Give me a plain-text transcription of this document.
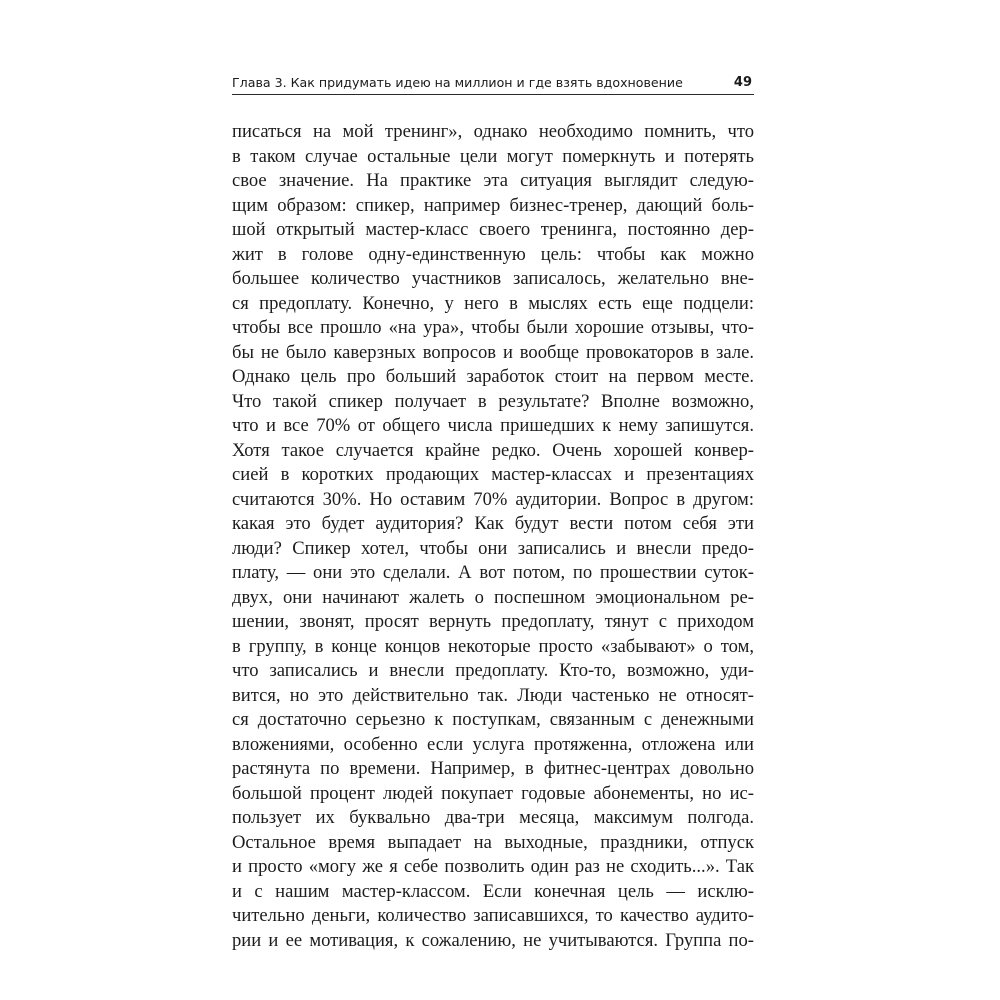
Глава 3. Как придумать идею на миллион и где взять вдохновение	49
писаться на мой тренинг», однако необходимо помнить, что
в таком случае остальные цели могут померкнуть и потерять
свое значение. На практике эта ситуация выглядит следую-
щим образом: спикер, например бизнес-тренер, дающий боль-
шой открытый мастер-класс своего тренинга, постоянно дер-
жит в голове одну-единственную цель: чтобы как можно
большее количество участников записалось, желательно вне-
ся предоплату. Конечно, у него в мыслях есть еще подцели:
чтобы все прошло «на ура», чтобы были хорошие отзывы, что-
бы не было каверзных вопросов и вообще провокаторов в зале.
Однако цель про больший заработок стоит на первом месте.
Что такой спикер получает в результате? Вполне возможно,
что и все 70% от общего числа пришедших к нему запишутся.
Хотя такое случается крайне редко. Очень хорошей конвер-
сией в коротких продающих мастер-классах и презентациях
считаются 30%. Но оставим 70% аудитории. Вопрос в другом:
какая это будет аудитория? Как будут вести потом себя эти
люди? Спикер хотел, чтобы они записались и внесли предо-
плату, — они это сделали. А вот потом, по прошествии суток-
двух, они начинают жалеть о поспешном эмоциональном ре-
шении, звонят, просят вернуть предоплату, тянут с приходом
в группу, в конце концов некоторые просто «забывают» о том,
что записались и внесли предоплату. Кто-то, возможно, уди-
вится, но это действительно так. Люди частенько не относят-
ся достаточно серьезно к поступкам, связанным с денежными
вложениями, особенно если услуга протяженна, отложена или
растянута по времени. Например, в фитнес-центрах довольно
большой процент людей покупает годовые абонементы, но ис-
пользует их буквально два-три месяца, максимум полгода.
Остальное время выпадает на выходные, праздники, отпуск
и просто «могу же я себе позволить один раз не сходить...». Так
и с нашим мастер-классом. Если конечная цель — исклю-
чительно деньги, количество записавшихся, то качество аудито-
рии и ее мотивация, к сожалению, не учитываются. Группа по-
